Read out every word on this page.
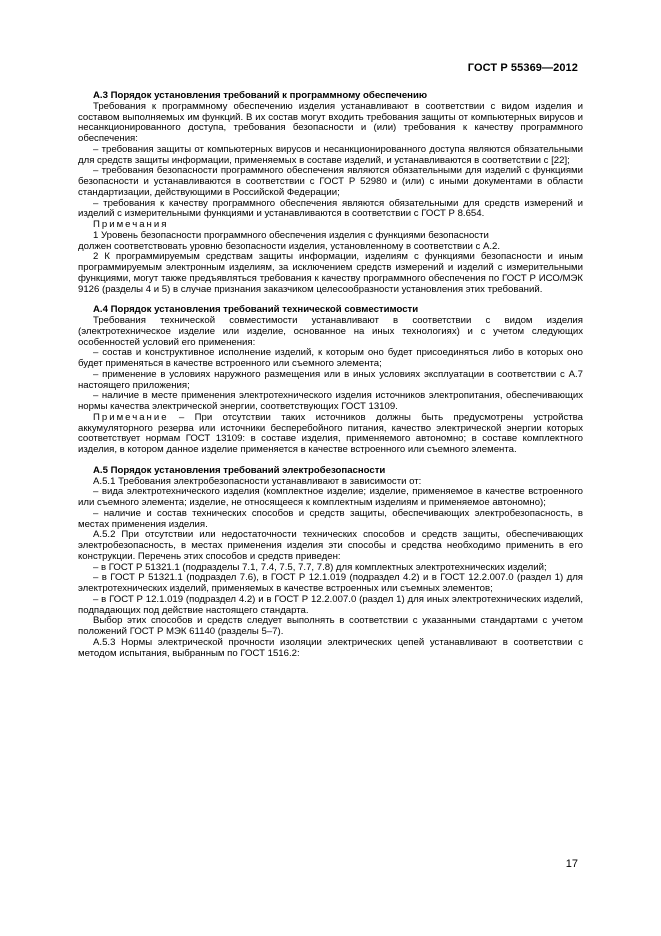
ГОСТ Р 55369—2012

А.3 Порядок установления требований к программному обеспечению

Требования к программному обеспечению изделия устанавливают в соответствии с видом изделия и составом выполняемых им функций. В их состав могут входить требования защиты от компьютерных вирусов и несанкционированного доступа, требования безопасности и (или) требования к качеству программного обеспечения:

– требования защиты от компьютерных вирусов и несанкционированного доступа являются обязательными для средств защиты информации, применяемых в составе изделий, и устанавливаются в соответствии с [22];

– требования безопасности программного обеспечения являются обязательными для изделий с функциями безопасности и устанавливаются в соответствии с ГОСТ Р 52980 и (или) с иными документами в области стандартизации, действующими в Российской Федерации;

– требования к качеству программного обеспечения являются обязательными для средств измерений и изделий с измерительными функциями и устанавливаются в соответствии с ГОСТ Р 8.654.

Примечания

1 Уровень безопасности программного обеспечения изделия с функциями безопасности

должен соответствовать уровню безопасности изделия, установленному в соответствии с А.2.

2 К программируемым средствам защиты информации, изделиям с функциями безопасности и иным программируемым электронным изделиям, за исключением средств измерений и изделий с измерительными функциями, могут также предъявляться требования к качеству программного обеспечения по ГОСТ Р ИСО/МЭК 9126 (разделы 4 и 5) в случае признания заказчиком целесообразности установления этих требований.

А.4 Порядок установления требований технической совместимости

Требования технической совместимости устанавливают в соответствии с видом изделия (электротехническое изделие или изделие, основанное на иных технологиях) и с учетом следующих особенностей условий его применения:

– состав и конструктивное исполнение изделий, к которым оно будет присоединяться либо в которых оно будет применяться в качестве встроенного или съемного элемента;

– применение в условиях наружного размещения или в иных условиях эксплуатации в соответствии с А.7 настоящего приложения;

– наличие в месте применения электротехнического изделия источников электропитания, обеспечивающих нормы качества электрической энергии, соответствующих ГОСТ 13109.

Примечание – При отсутствии таких источников должны быть предусмотрены устройства аккумуляторного резерва или источники бесперебойного питания, качество электрической энергии которых соответствует нормам ГОСТ 13109: в составе изделия, применяемого автономно; в составе комплектного изделия, в котором данное изделие применяется в качестве встроенного или съемного элемента.

А.5 Порядок установления требований электробезопасности

А.5.1 Требования электробезопасности устанавливают в зависимости от:

– вида электротехнического изделия (комплектное изделие; изделие, применяемое в качестве встроенного или съемного элемента; изделие, не относящееся к комплектным изделиям и применяемое автономно);

– наличие и состав технических способов и средств защиты, обеспечивающих электробезопасность, в местах применения изделия.

А.5.2 При отсутствии или недостаточности технических способов и средств защиты, обеспечивающих электробезопасность, в местах применения изделия эти способы и средства необходимо применить в его конструкции. Перечень этих способов и средств приведен:

– в ГОСТ Р 51321.1 (подразделы 7.1, 7.4, 7.5, 7.7, 7.8) для комплектных электротехнических изделий;

– в ГОСТ Р 51321.1 (подраздел 7.6), в ГОСТ Р 12.1.019 (подраздел 4.2) и в ГОСТ 12.2.007.0 (раздел 1) для электротехнических изделий, применяемых в качестве встроенных или съемных элементов;

– в ГОСТ Р 12.1.019 (подраздел 4.2) и в ГОСТ Р 12.2.007.0 (раздел 1) для иных электротехнических изделий, подпадающих под действие настоящего стандарта.

Выбор этих способов и средств следует выполнять в соответствии с указанными стандартами с учетом положений ГОСТ Р МЭК 61140 (разделы 5–7).

А.5.3 Нормы электрической прочности изоляции электрических цепей устанавливают в соответствии с методом испытания, выбранным по ГОСТ 1516.2:

17
